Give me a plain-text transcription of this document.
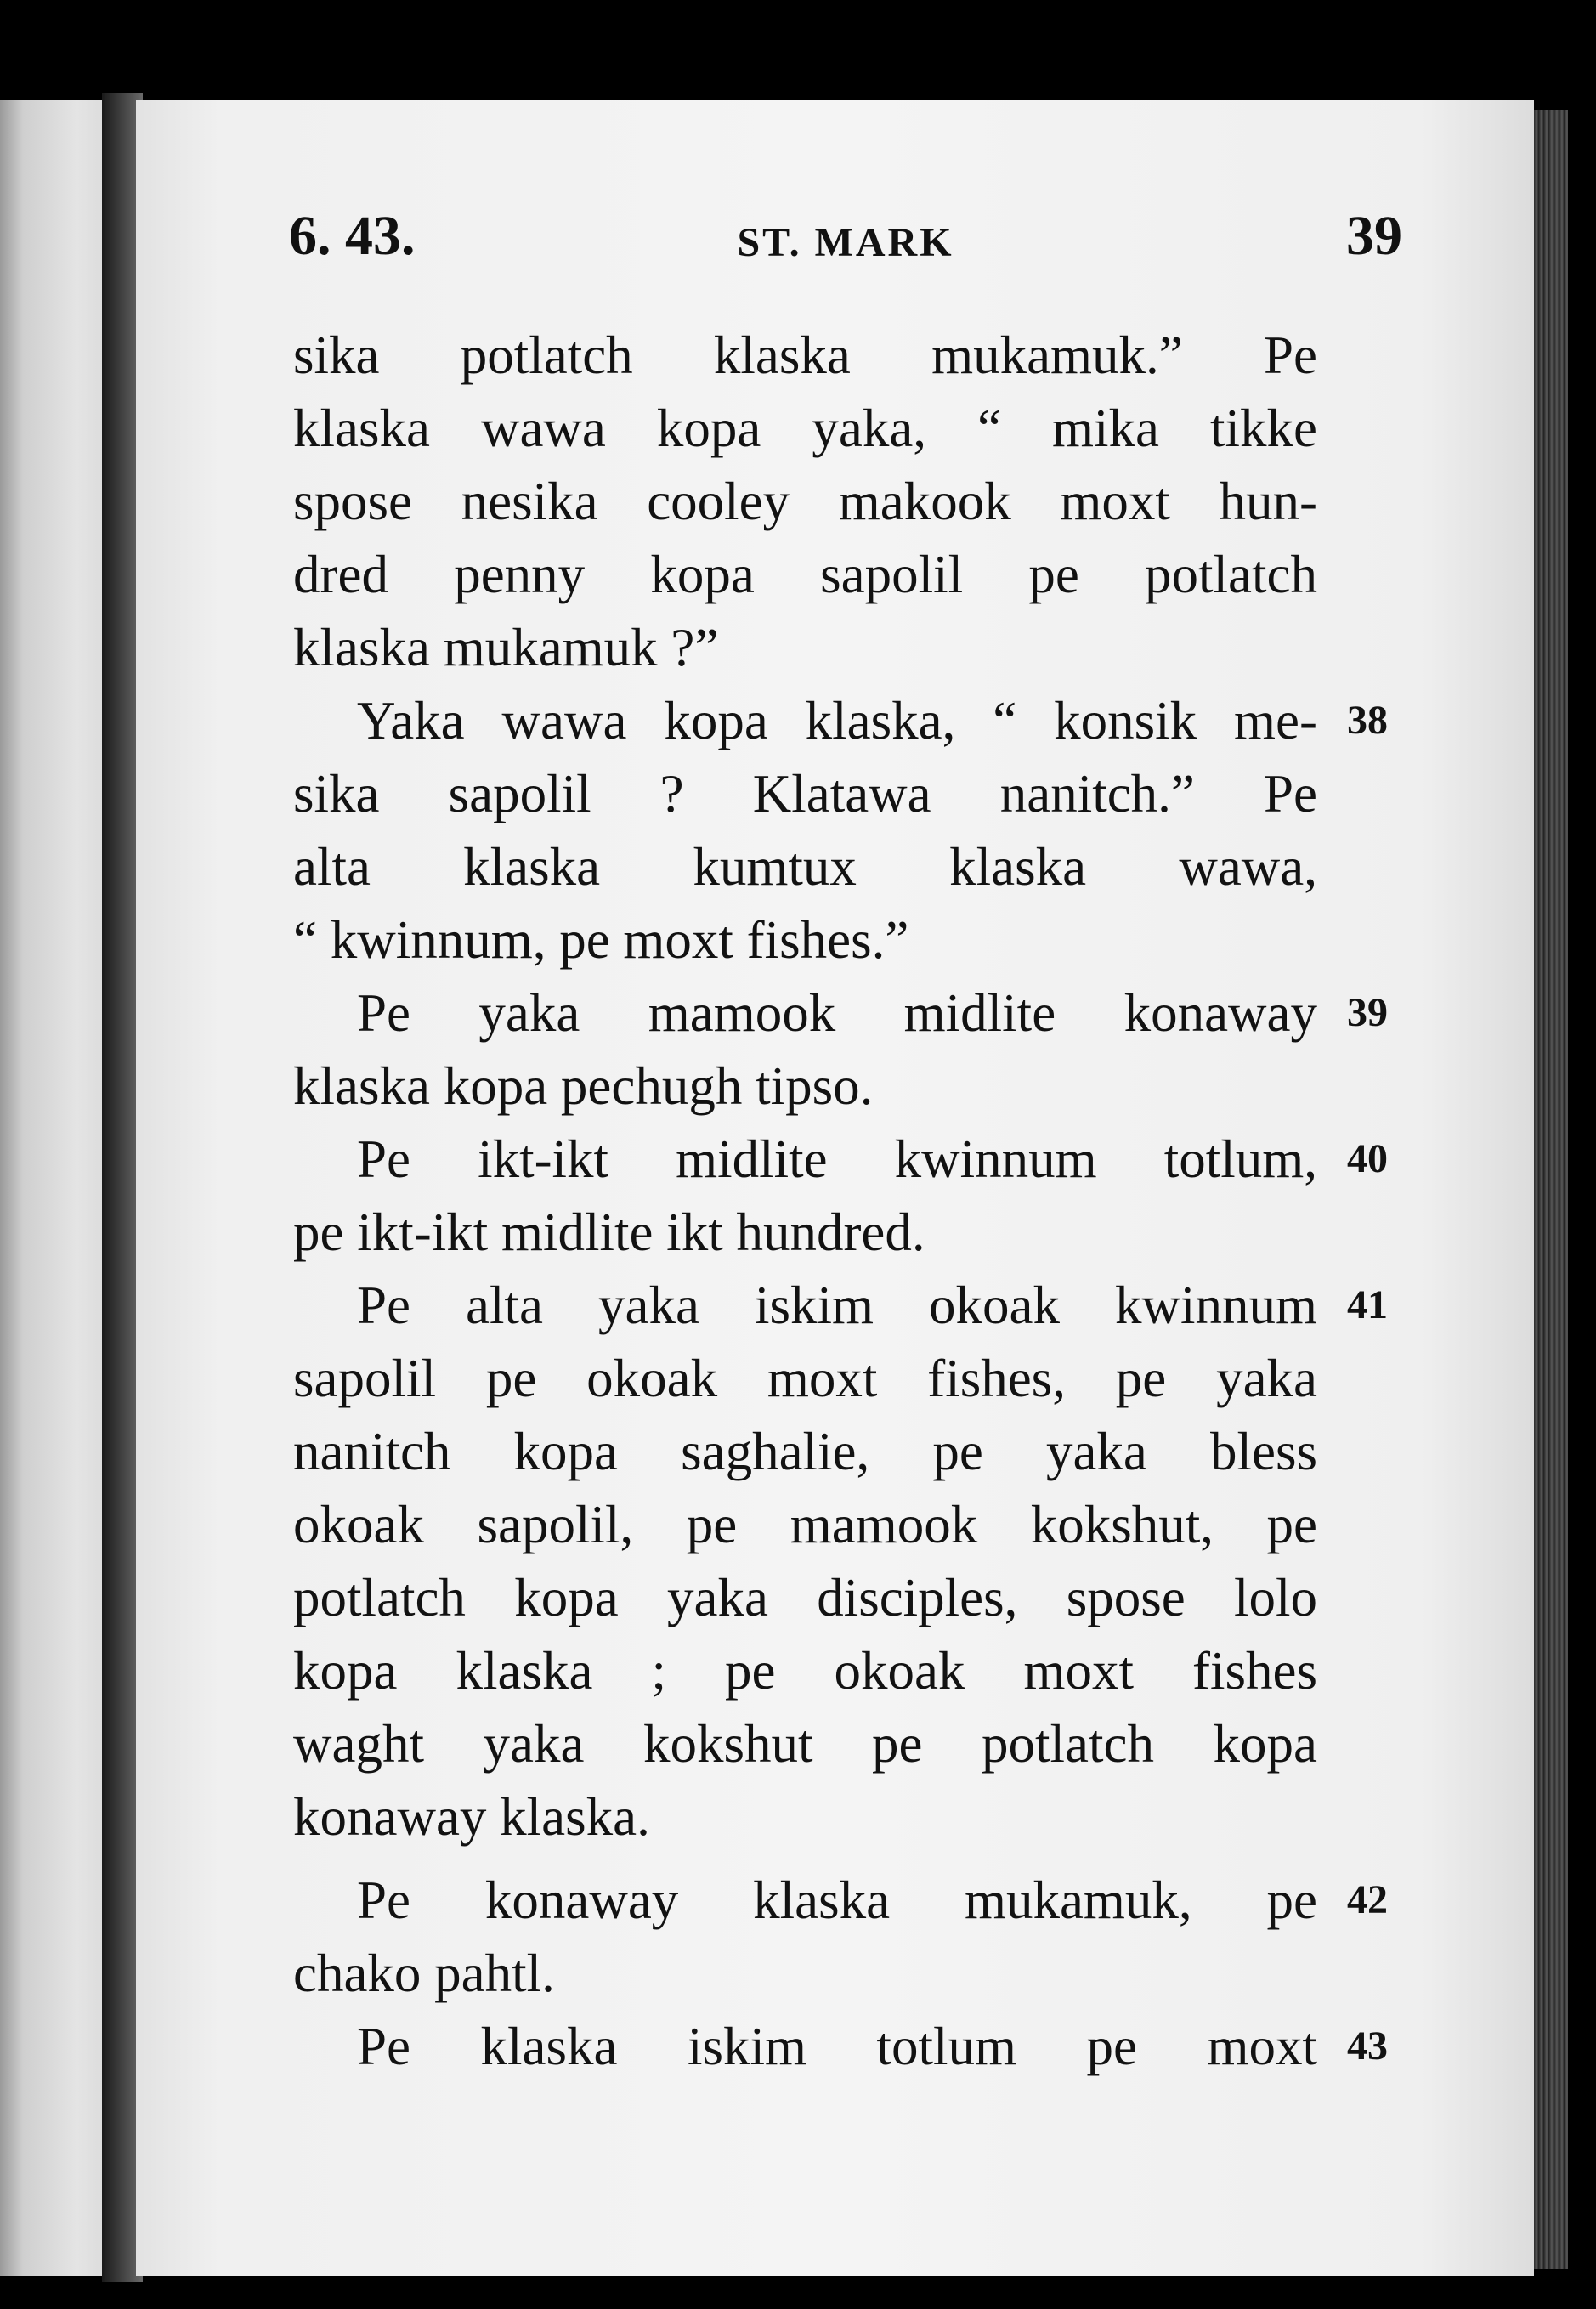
6. 43.	ST. MARK	39
sika potlatch klaska mukamuk.” Pe
klaska wawa kopa yaka, “ mika tikke
spose nesika cooley makook moxt hun-
dred penny kopa sapolil pe potlatch
klaska mukamuk ?”
Yaka wawa kopa klaska, “ konsik me- 38
sika sapolil ? Klatawa nanitch.” Pe
alta klaska kumtux klaska wawa,
“ kwinnum, pe moxt fishes.”
Pe yaka mamook midlite konaway 39
klaska kopa pechugh tipso.
Pe ikt-ikt midlite kwinnum totlum, 40
pe ikt-ikt midlite ikt hundred.
Pe alta yaka iskim okoak kwinnum 41
sapolil pe okoak moxt fishes, pe yaka
nanitch kopa saghalie, pe yaka bless
okoak sapolil, pe mamook kokshut, pe
potlatch kopa yaka disciples, spose lolo
kopa klaska ; pe okoak moxt fishes
waght yaka kokshut pe potlatch kopa
konaway klaska.
Pe konaway klaska mukamuk, pe 42
chako pahtl.
Pe klaska iskim totlum pe moxt 43
